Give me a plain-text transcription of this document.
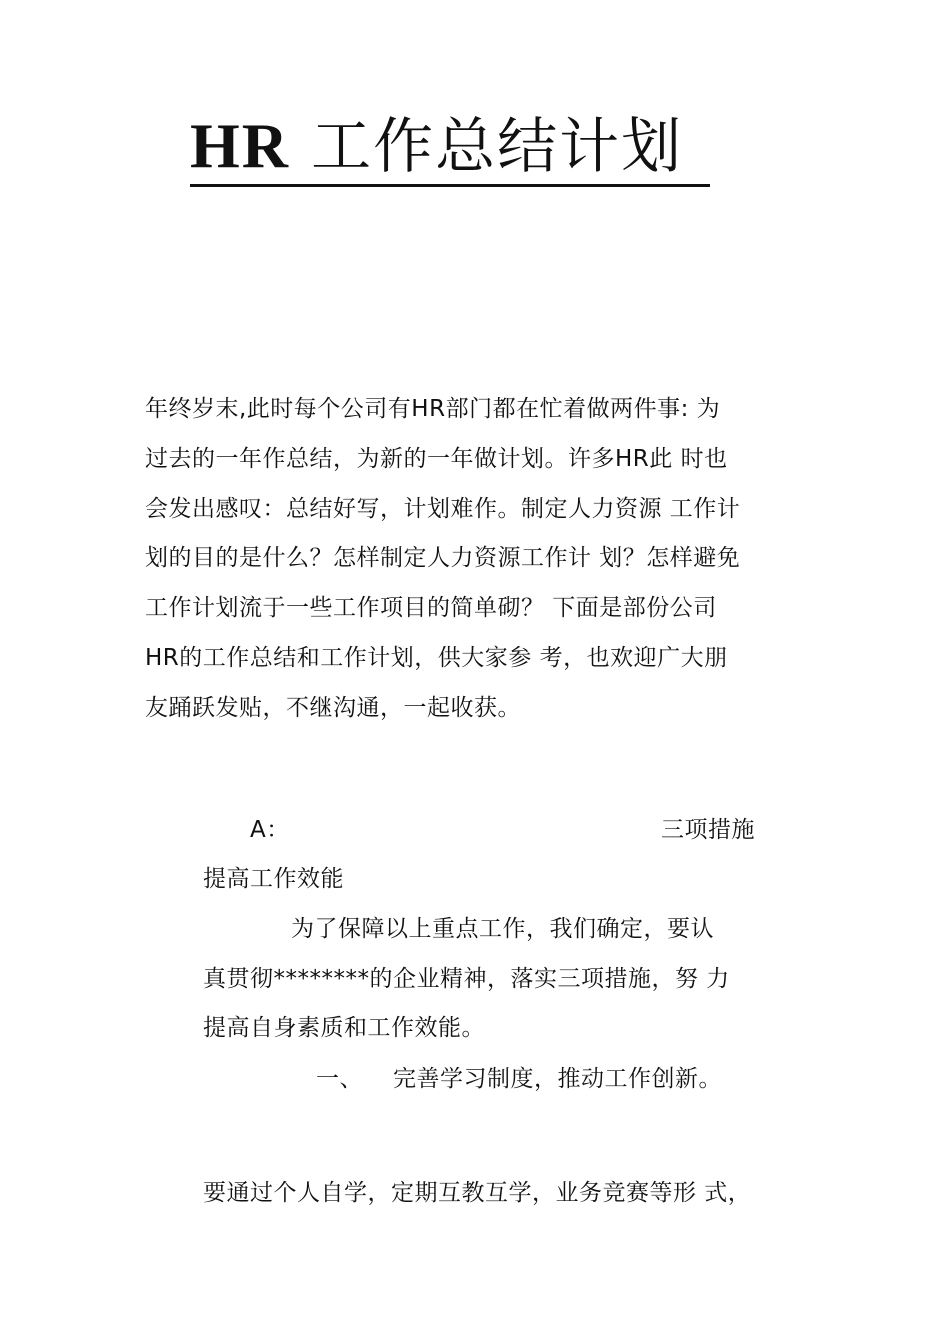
HR 工作总结计划
年终岁末,此时每个公司有HR部门都在忙着做两件事: 为
过去的一年作总结，为新的一年做计划。许多HR此 时也
会发出感叹：总结好写，计划难作。制定人力资源 工作计
划的目的是什么？怎样制定人力资源工作计 划？怎样避免
工作计划流于一些工作项目的简单砌？ 下面是部份公司
HR的工作总结和工作计划，供大家参 考，也欢迎广大朋
友踊跃发贴，不继沟通，一起收获。
A：	三项措施
提高工作效能
为了保障以上重点工作，我们确定，要认
真贯彻********的企业精神，落实三项措施，努 力
提高自身素质和工作效能。
一、 完善学习制度，推动工作创新。
要通过个人自学，定期互教互学，业务竞赛等形 式，
